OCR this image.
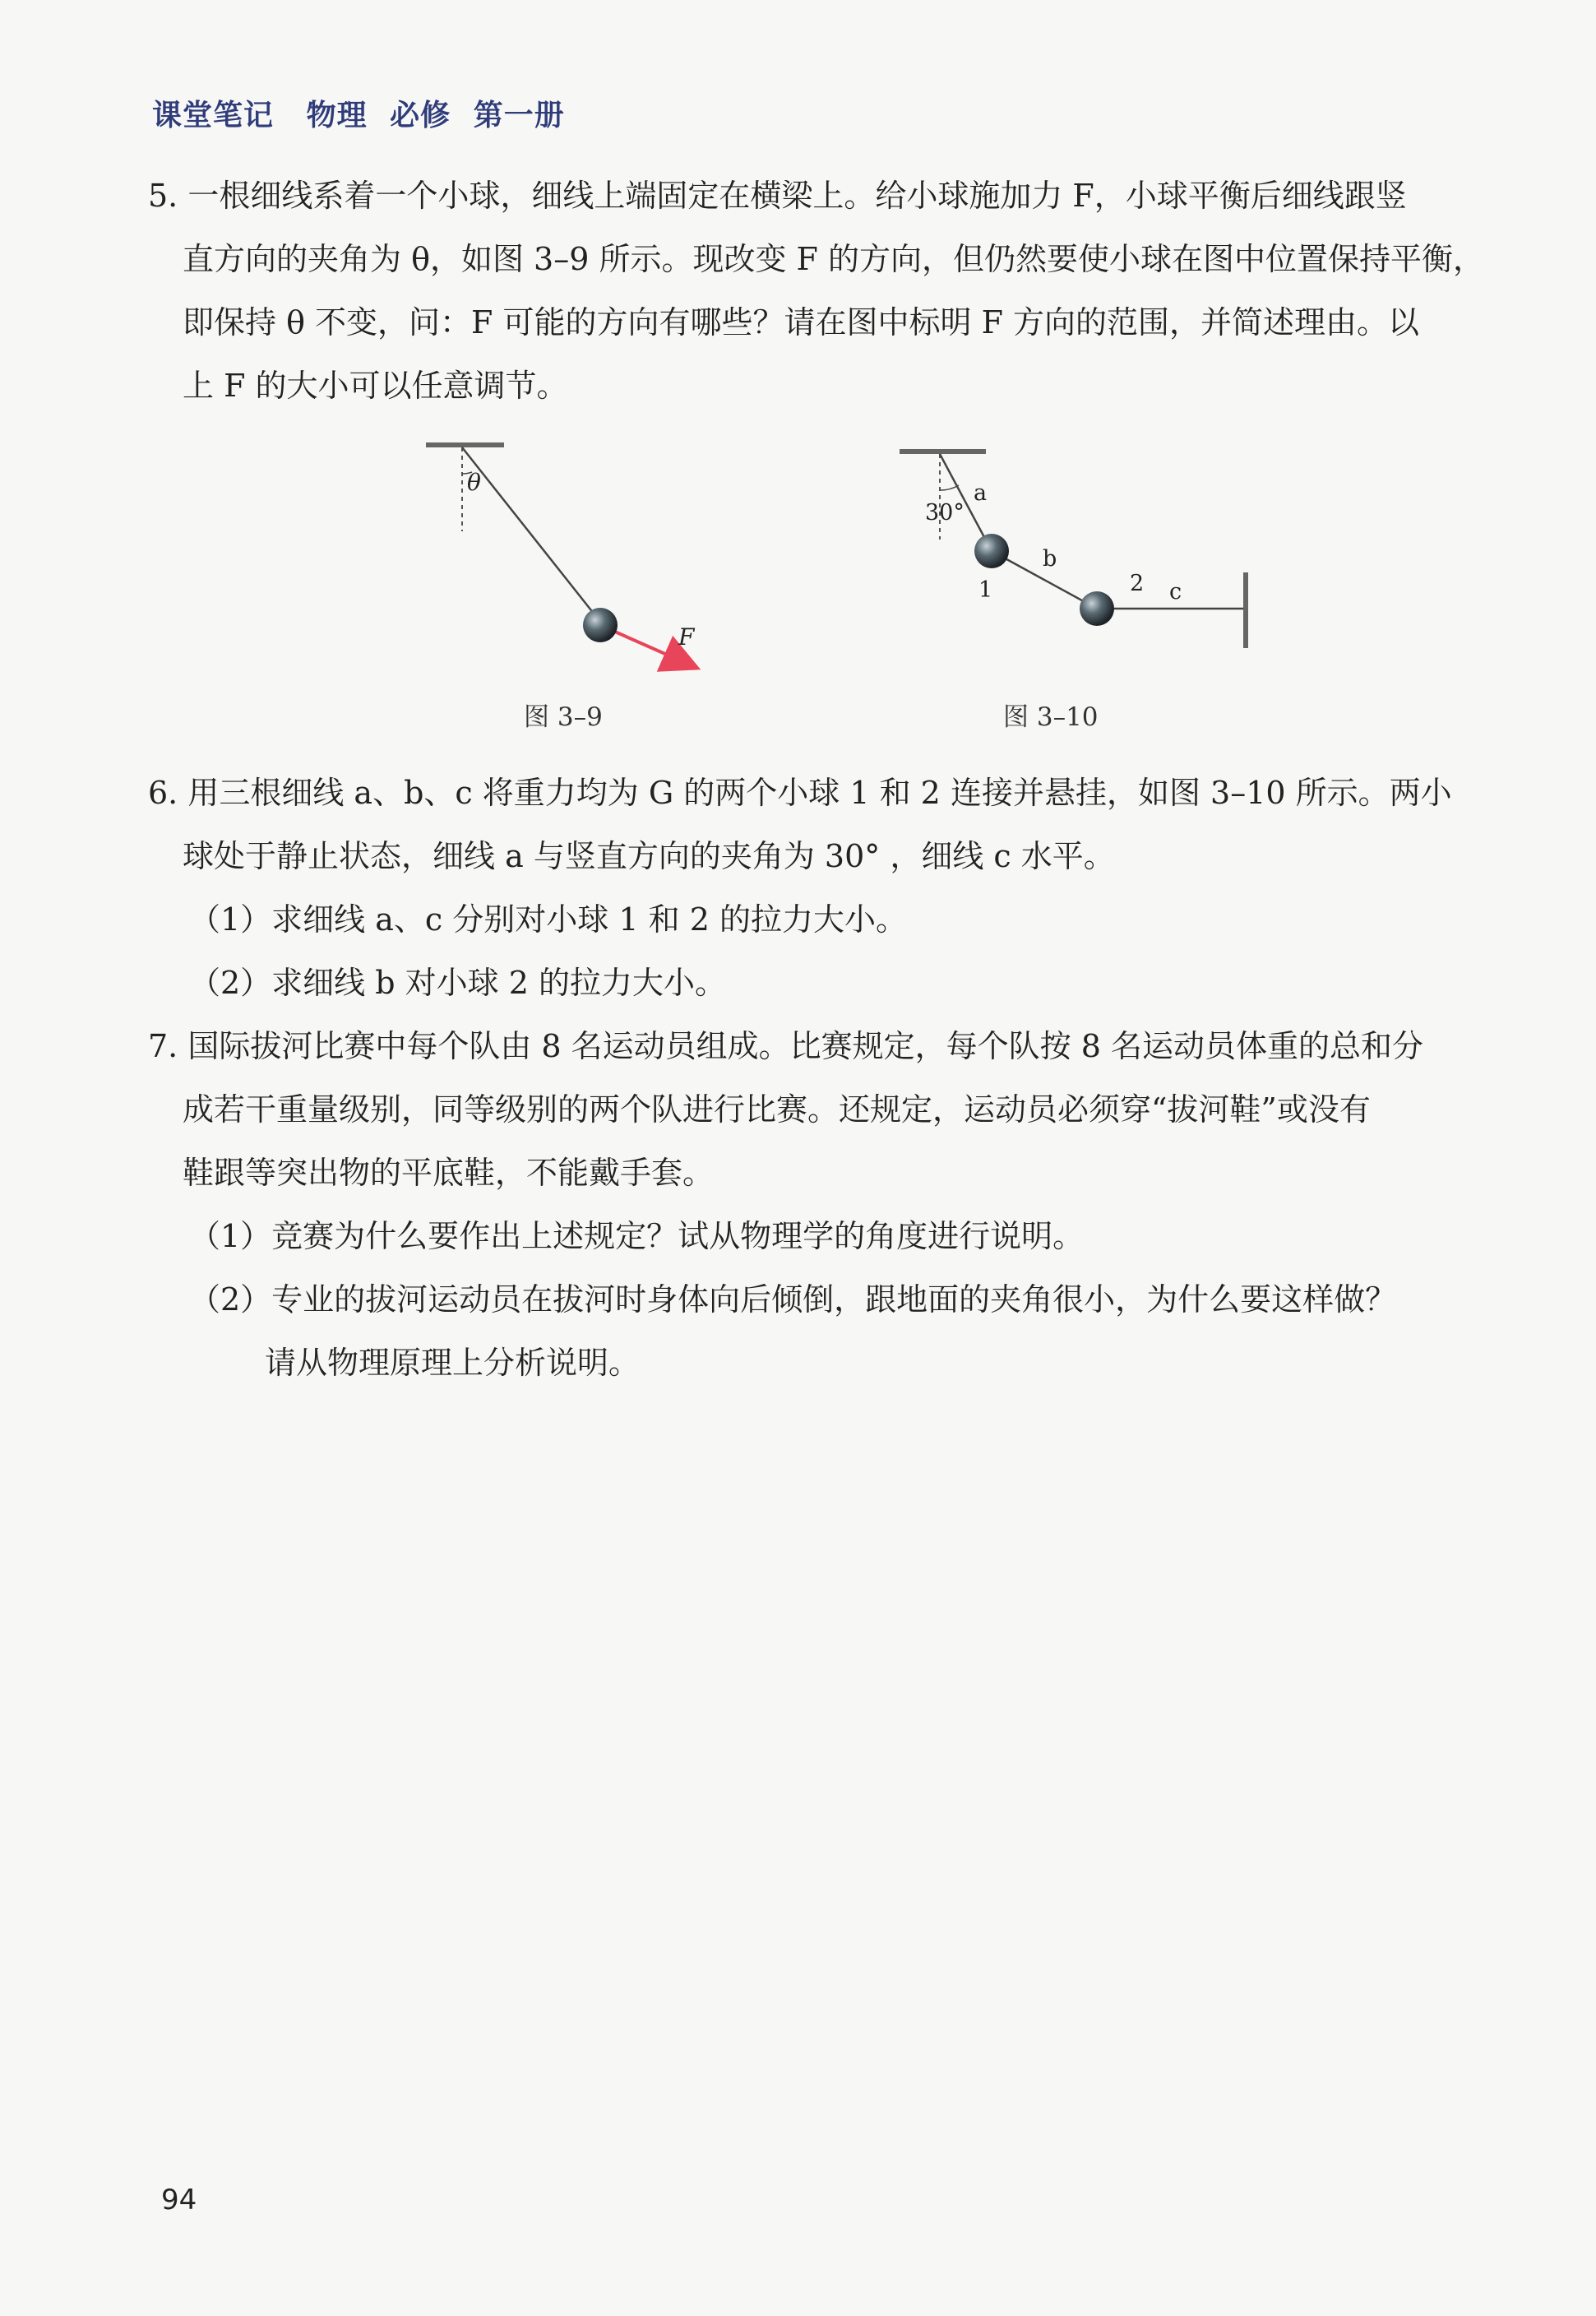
课堂笔记 物理 必修 第一册
5. 一根细线系着一个小球，细线上端固定在横梁上。给小球施加力 F，小球平衡后细线跟竖
直方向的夹角为 θ，如图 3–9 所示。现改变 F 的方向，但仍然要使小球在图中位置保持平衡，
即保持 θ 不变，问：F 可能的方向有哪些？请在图中标明 F 方向的范围，并简述理由。以
上 F 的大小可以任意调节。
θ
F
图 3–9
30°
a
b
c
1	2
图 3–10
6. 用三根细线 a、b、c 将重力均为 G 的两个小球 1 和 2 连接并悬挂，如图 3–10 所示。两小
球处于静止状态，细线 a 与竖直方向的夹角为 30° ，细线 c 水平。
（1）求细线 a、c 分别对小球 1 和 2 的拉力大小。
（2）求细线 b 对小球 2 的拉力大小。
7. 国际拔河比赛中每个队由 8 名运动员组成。比赛规定，每个队按 8 名运动员体重的总和分
成若干重量级别，同等级别的两个队进行比赛。还规定，运动员必须穿“拔河鞋”或没有
鞋跟等突出物的平底鞋，不能戴手套。
（1）竞赛为什么要作出上述规定？试从物理学的角度进行说明。
（2）专业的拔河运动员在拔河时身体向后倾倒，跟地面的夹角很小，为什么要这样做？
请从物理原理上分析说明。
94
